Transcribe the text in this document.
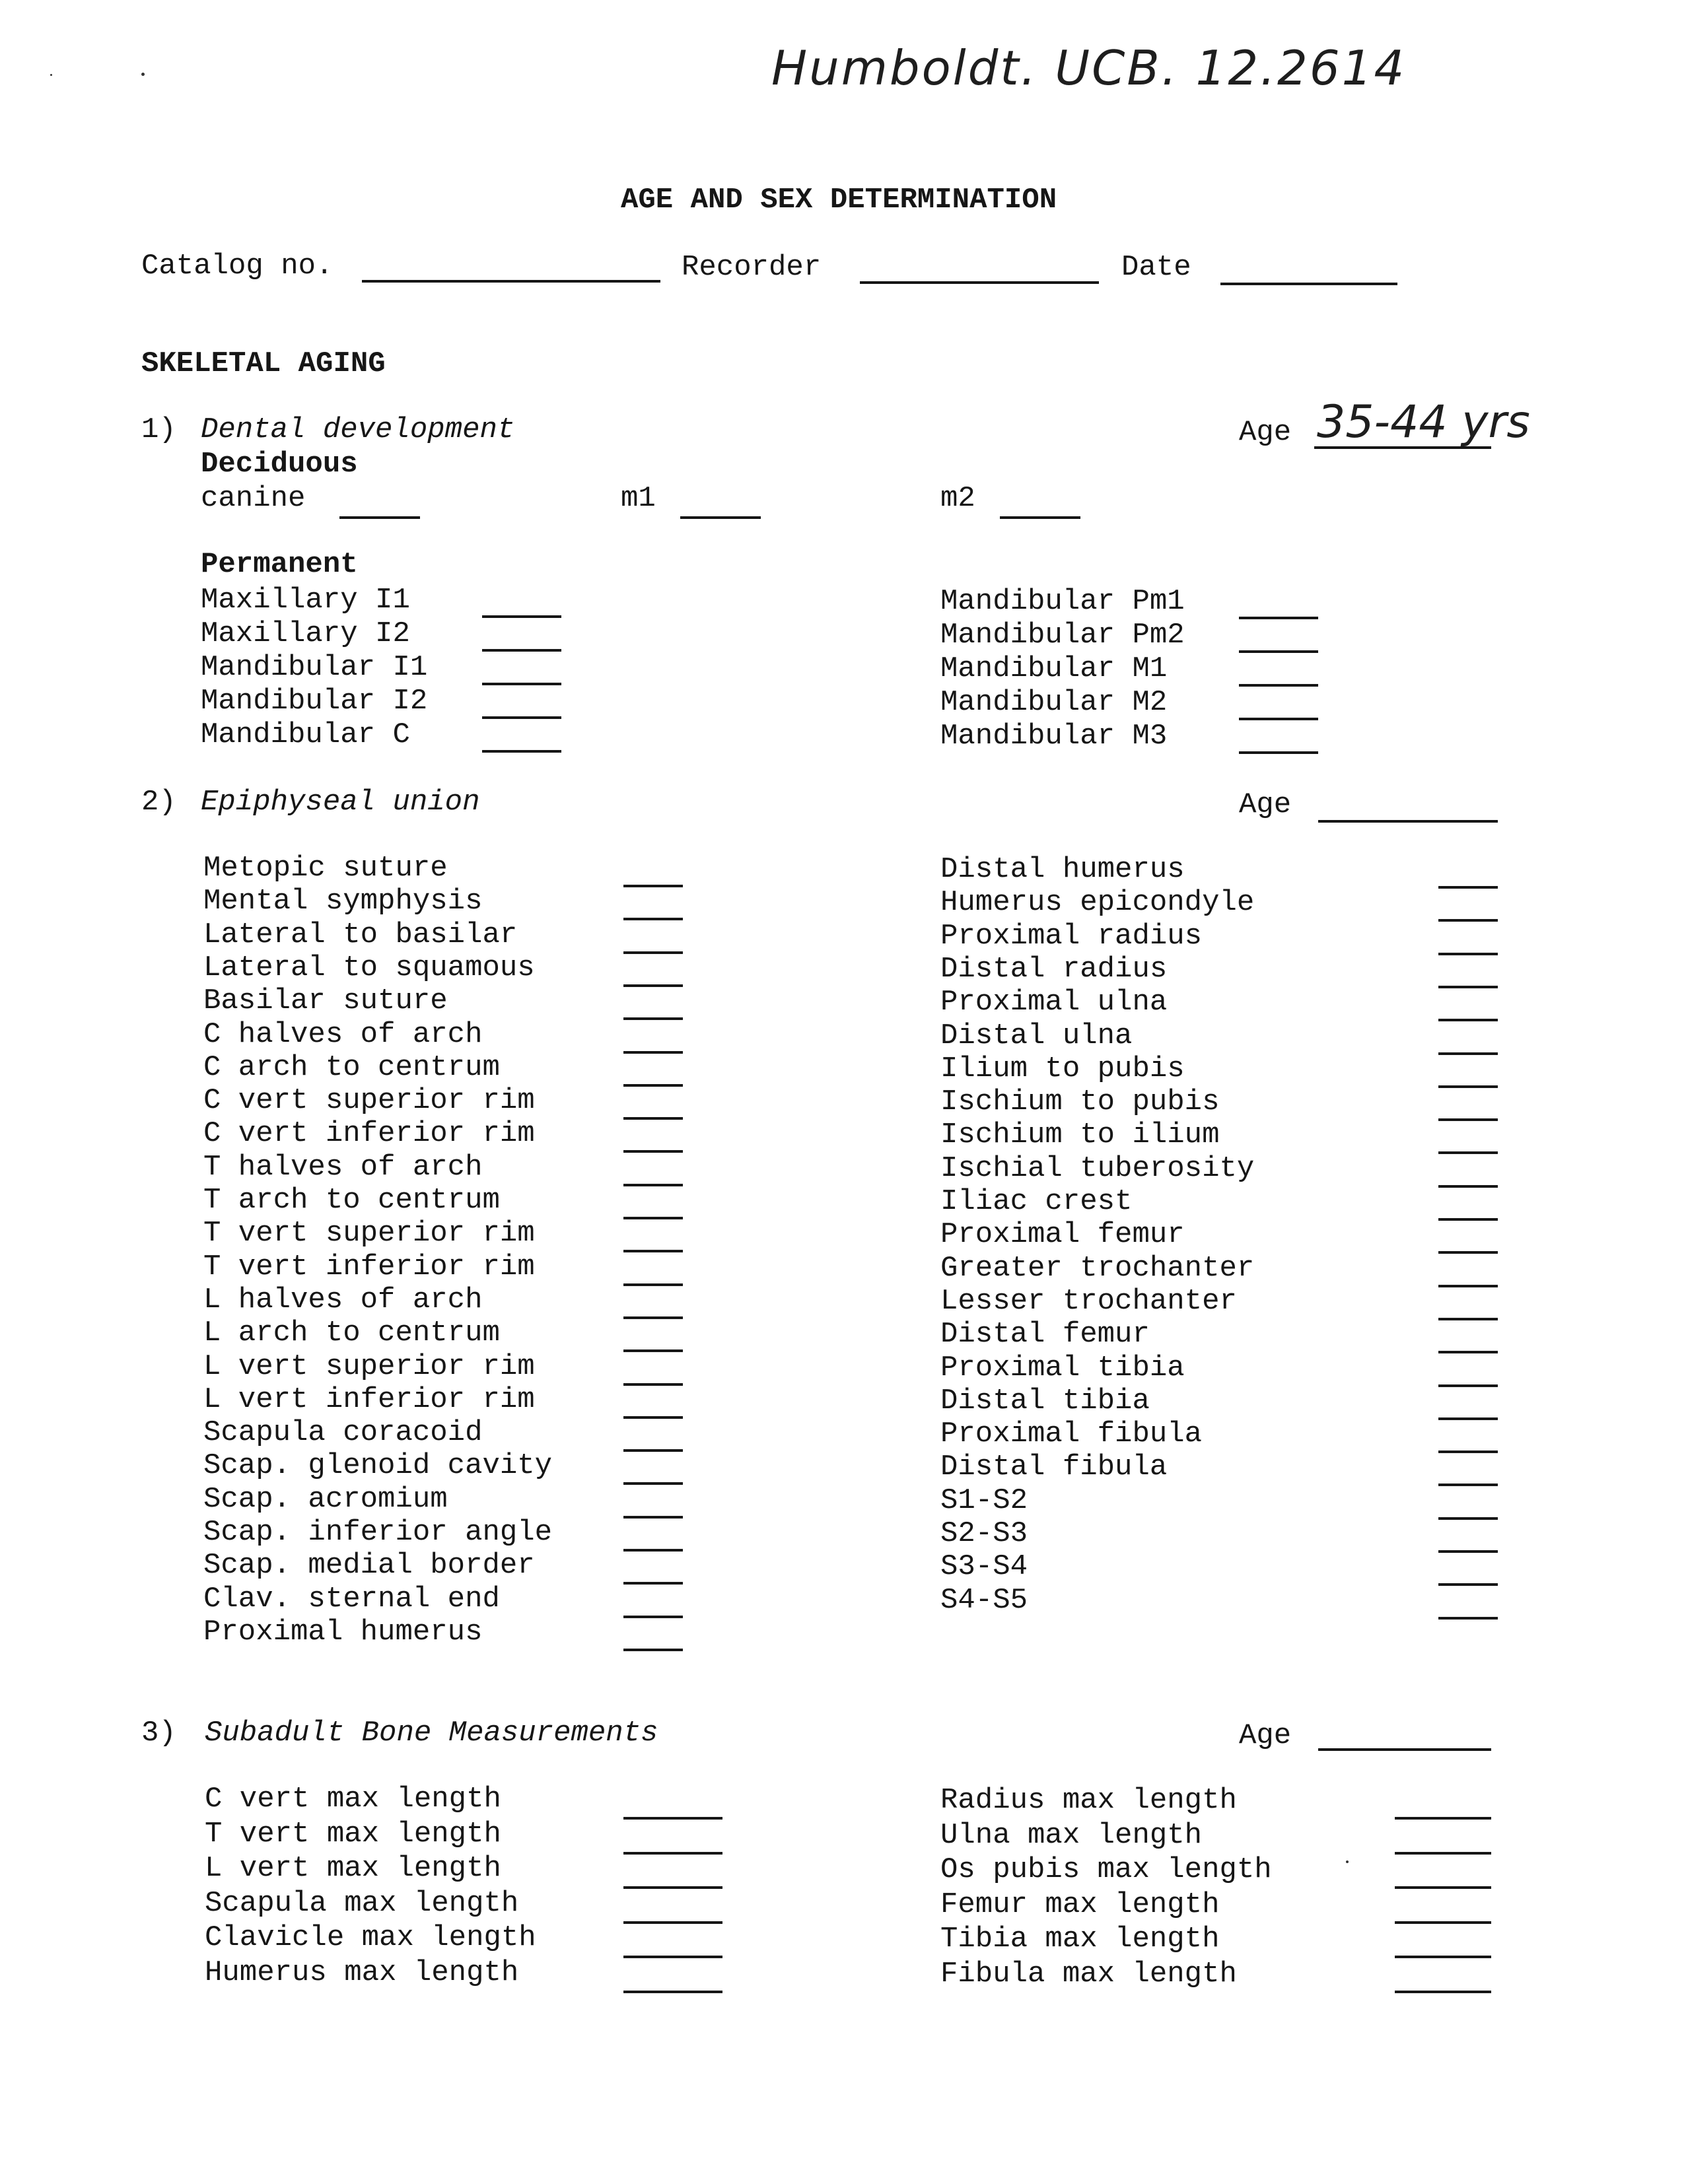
Humboldt. UCB. 12.2614
AGE AND SEX DETERMINATION
Catalog no.	Recorder	Date
SKELETAL AGING
1) Dental development	Age 35-44 yrs
Deciduous
canine	m1	m2
Permanent
Maxillary I1
Maxillary I2
Mandibular I1
Mandibular I2
Mandibular C
Mandibular Pm1
Mandibular Pm2
Mandibular M1
Mandibular M2
Mandibular M3
2) Epiphyseal union	Age
Metopic suture
Mental symphysis
Lateral to basilar
Lateral to squamous
Basilar suture
C halves of arch
C arch to centrum
C vert superior rim
C vert inferior rim
T halves of arch
T arch to centrum
T vert superior rim
T vert inferior rim
L halves of arch
L arch to centrum
L vert superior rim
L vert inferior rim
Scapula coracoid
Scap. glenoid cavity
Scap. acromium
Scap. inferior angle
Scap. medial border
Clav. sternal end
Proximal humerus
Distal humerus
Humerus epicondyle
Proximal radius
Distal radius
Proximal ulna
Distal ulna
Ilium to pubis
Ischium to pubis
Ischium to ilium
Ischial tuberosity
Iliac crest
Proximal femur
Greater trochanter
Lesser trochanter
Distal femur
Proximal tibia
Distal tibia
Proximal fibula
Distal fibula
S1-S2
S2-S3
S3-S4
S4-S5
3) Subadult Bone Measurements	Age
C vert max length
T vert max length
L vert max length
Scapula max length
Clavicle max length
Humerus max length
Radius max length
Ulna max length
Os pubis max length
Femur max length
Tibia max length
Fibula max length
